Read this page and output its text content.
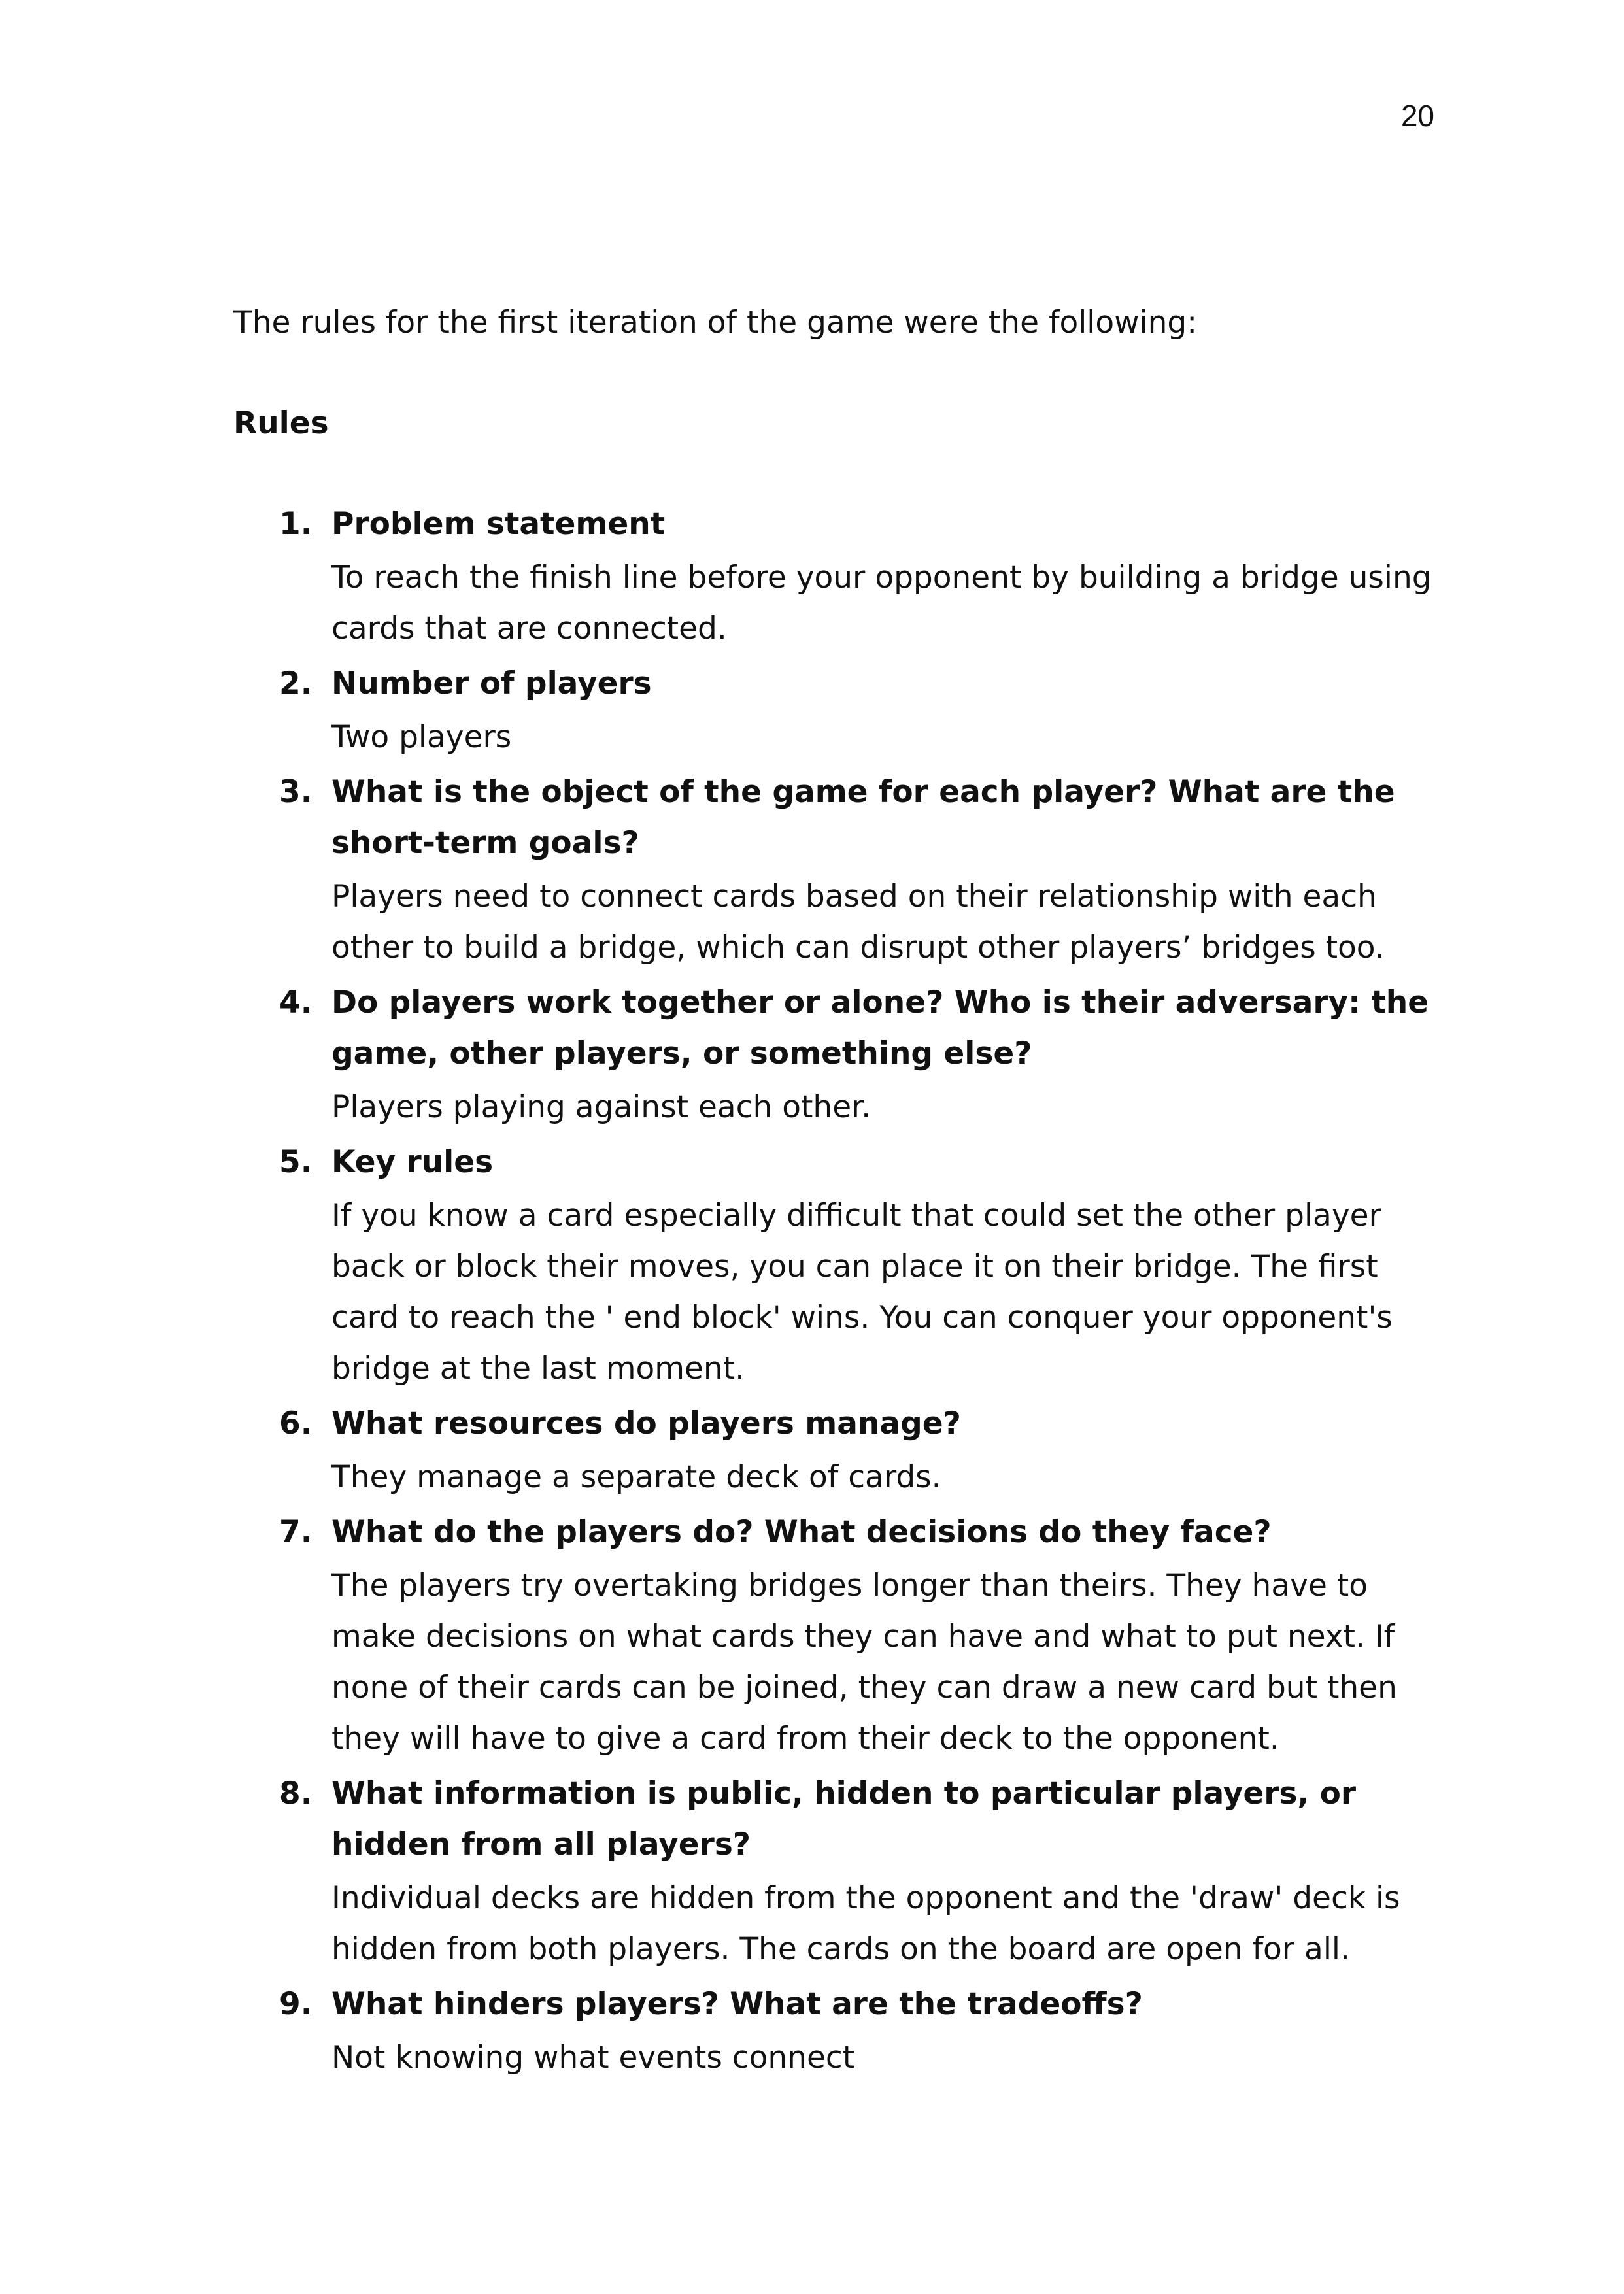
20

The rules for the first iteration of the game were the following:

Rules

1. Problem statement
To reach the finish line before your opponent by building a bridge using cards that are connected.
2. Number of players
Two players
3. What is the object of the game for each player? What are the short-term goals?
Players need to connect cards based on their relationship with each other to build a bridge, which can disrupt other players’ bridges too.
4. Do players work together or alone? Who is their adversary: the game, other players, or something else?
Players playing against each other.
5. Key rules
If you know a card especially difficult that could set the other player back or block their moves, you can place it on their bridge. The first card to reach the ' end block' wins. You can conquer your opponent's bridge at the last moment.
6. What resources do players manage?
They manage a separate deck of cards.
7. What do the players do? What decisions do they face?
The players try overtaking bridges longer than theirs. They have to make decisions on what cards they can have and what to put next. If none of their cards can be joined, they can draw a new card but then they will have to give a card from their deck to the opponent.
8. What information is public, hidden to particular players, or hidden from all players?
Individual decks are hidden from the opponent and the 'draw' deck is hidden from both players. The cards on the board are open for all.
9. What hinders players? What are the tradeoffs?
Not knowing what events connect
